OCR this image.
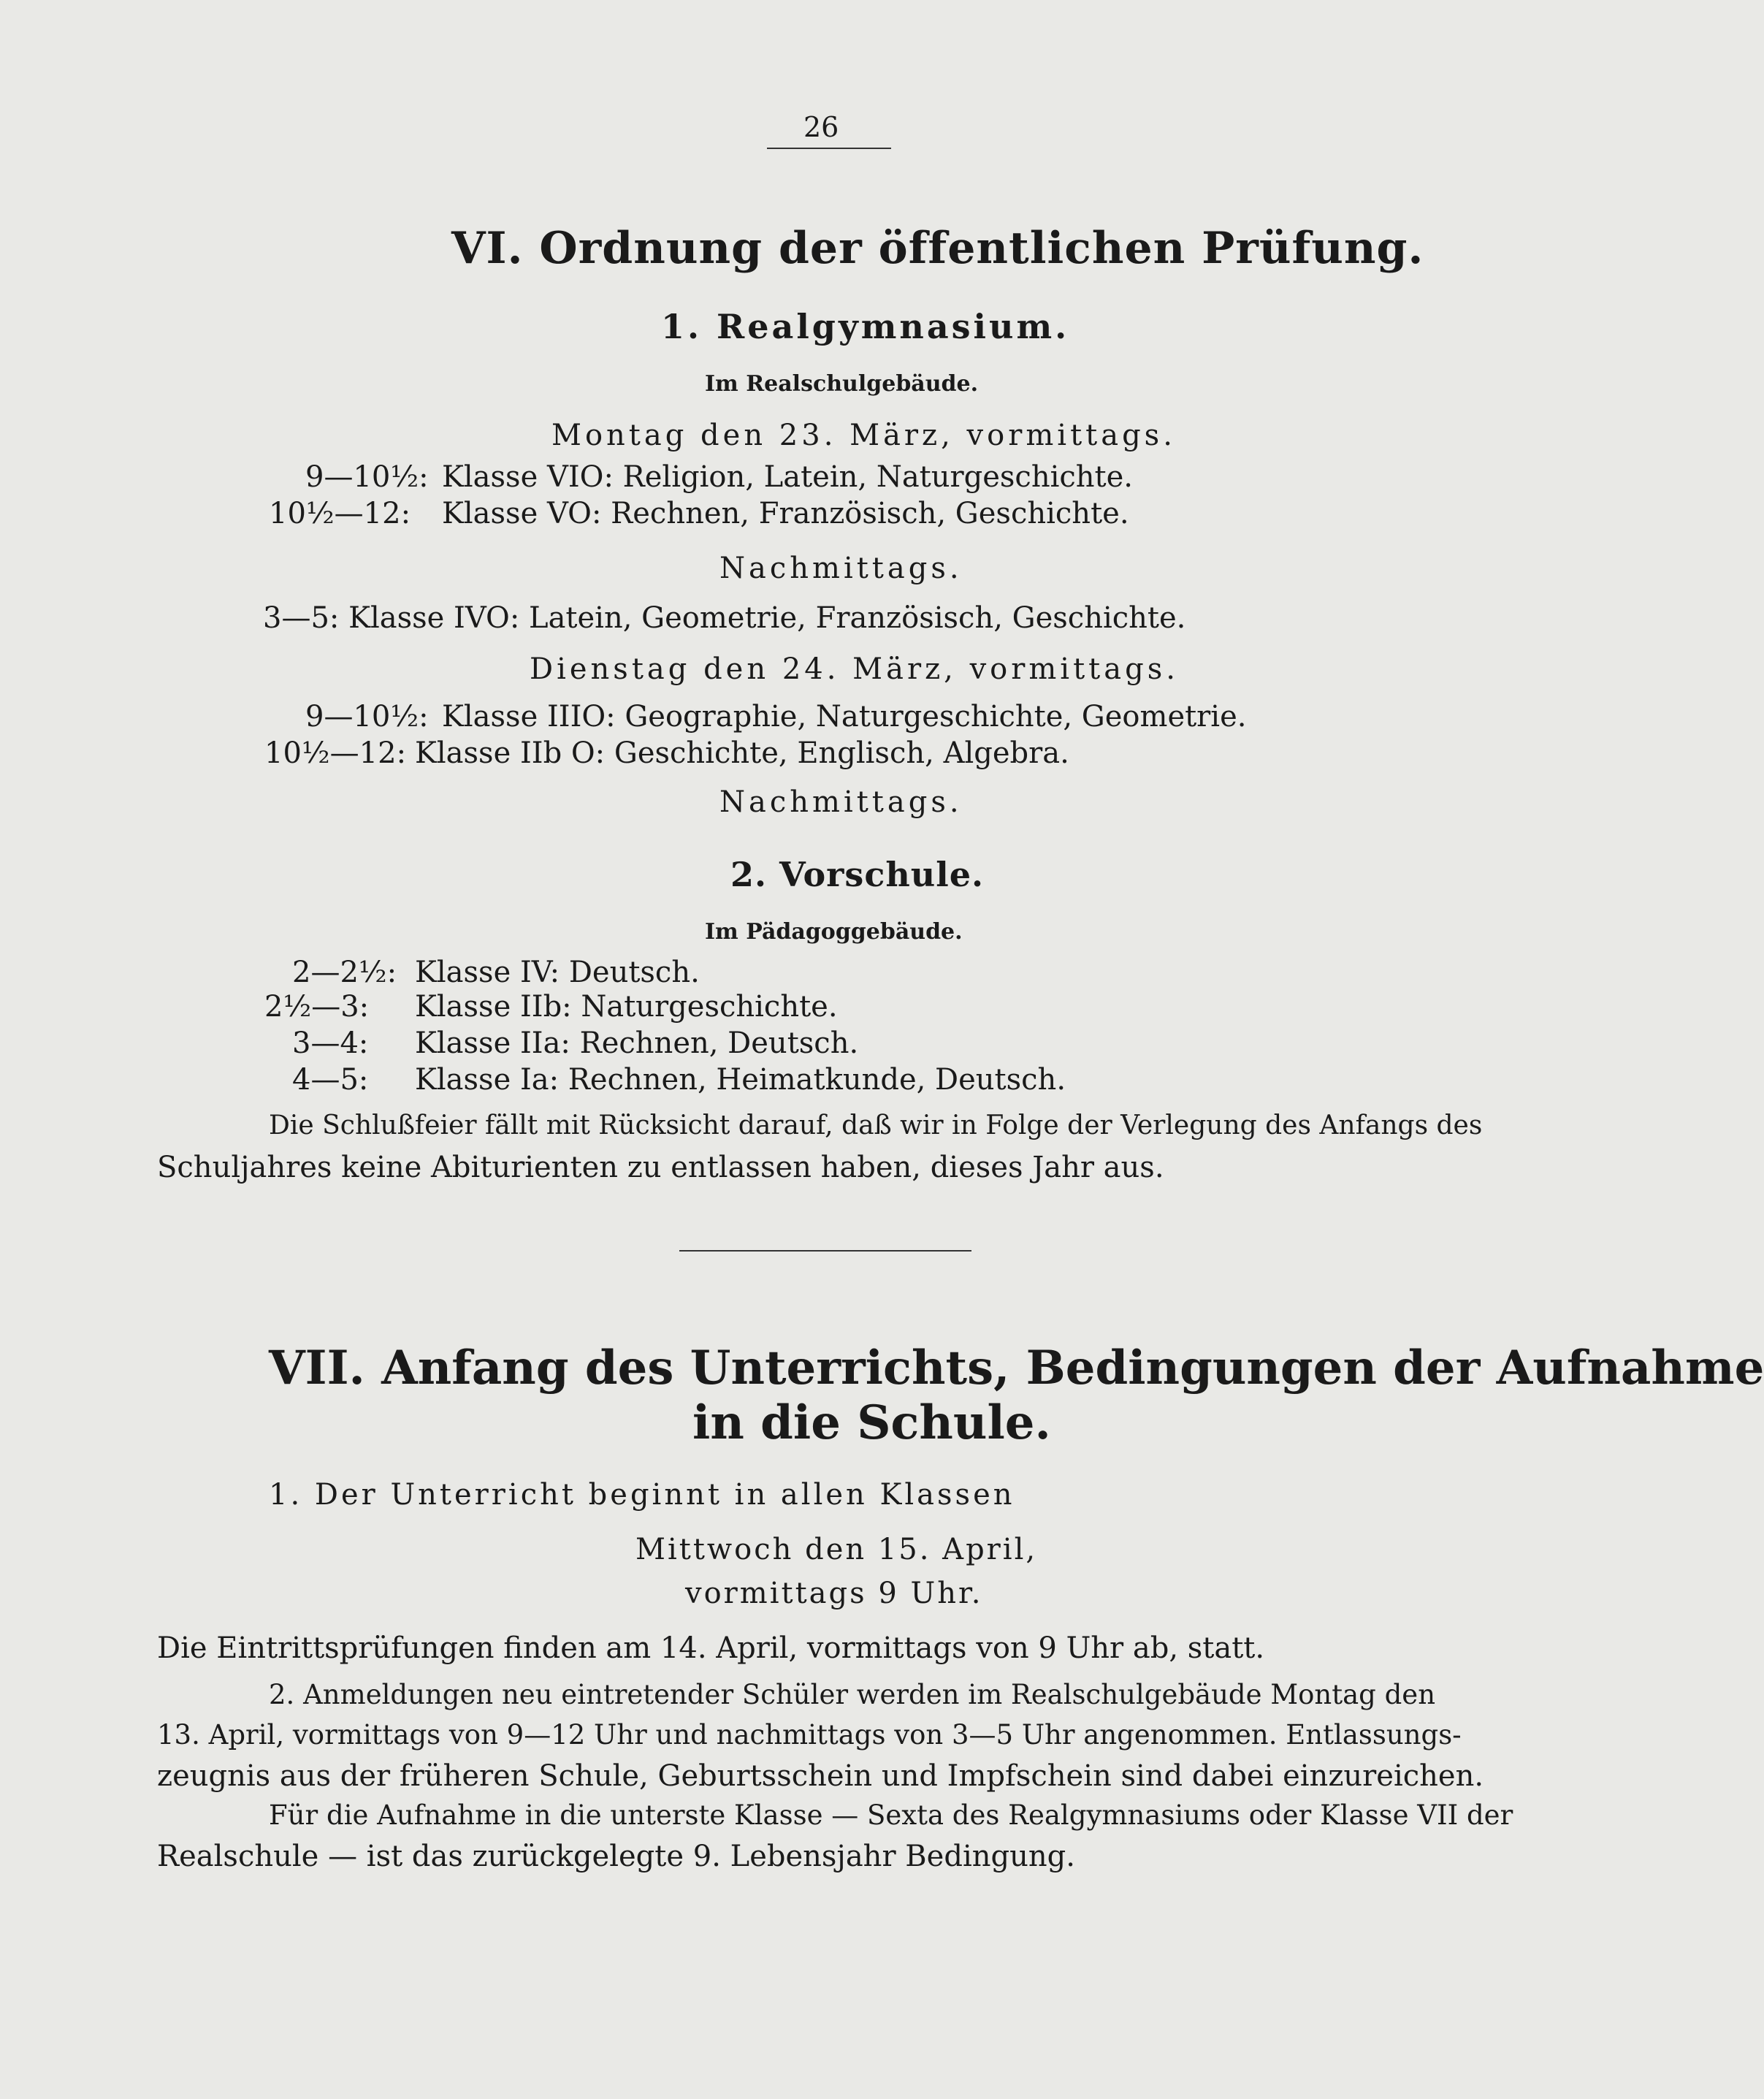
26
VI. Ordnung der öffentlichen Prüfung.
1. Realgymnasium.
Im Realschulgebäude.
Montag den 23. März, vormittags.
9—10½: Klasse VIO: Religion, Latein, Naturgeschichte.
10½—12: Klasse VO: Rechnen, Französisch, Geschichte.
Nachmittags.
3—5: Klasse IVO: Latein, Geometrie, Französisch, Geschichte.
Dienstag den 24. März, vormittags.
9—10½: Klasse IIIO: Geographie, Naturgeschichte, Geometrie.
10½—12: Klasse IIb O: Geschichte, Englisch, Algebra.
Nachmittags.
2. Vorschule.
Im Pädagoggebäude.
2—2½: Klasse IV: Deutsch.
2½—3: Klasse IIb: Naturgeschichte.
3—4: Klasse IIa: Rechnen, Deutsch.
4—5: Klasse Ia: Rechnen, Heimatkunde, Deutsch.
Die Schlußfeier fällt mit Rücksicht darauf, daß wir in Folge der Verlegung des Anfangs des
Schuljahres keine Abiturienten zu entlassen haben, dieses Jahr aus.
VII. Anfang des Unterrichts, Bedingungen der Aufnahme
in die Schule.
1. Der Unterricht beginnt in allen Klassen
Mittwoch den 15. April,
vormittags 9 Uhr.
Die Eintrittsprüfungen finden am 14. April, vormittags von 9 Uhr ab, statt.
2. Anmeldungen neu eintretender Schüler werden im Realschulgebäude Montag den
13. April, vormittags von 9—12 Uhr und nachmittags von 3—5 Uhr angenommen. Entlassungs-
zeugnis aus der früheren Schule, Geburtsschein und Impfschein sind dabei einzureichen.
Für die Aufnahme in die unterste Klasse — Sexta des Realgymnasiums oder Klasse VII der
Realschule — ist das zurückgelegte 9. Lebensjahr Bedingung.
